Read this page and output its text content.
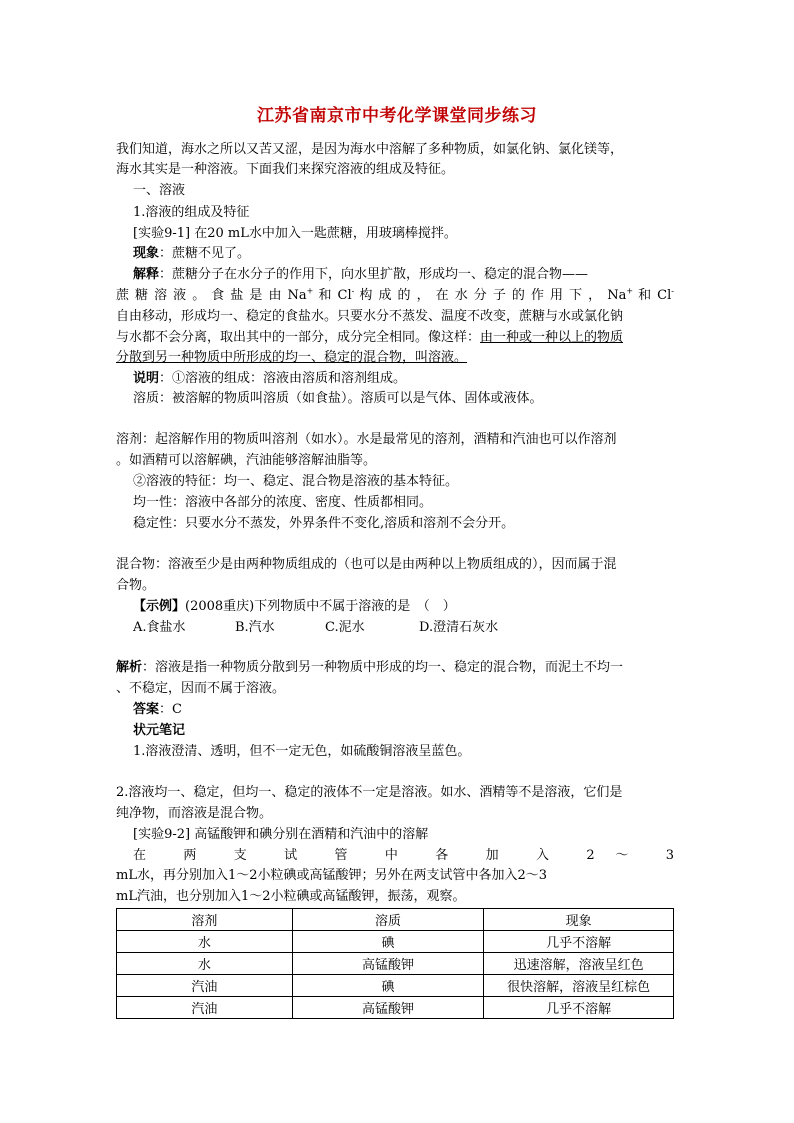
江苏省南京市中考化学课堂同步练习
我们知道，海水之所以又苦又涩，是因为海水中溶解了多种物质，如氯化钠、氯化镁等，
海水其实是一种溶液。下面我们来探究溶液的组成及特征。
一、溶液
1.溶液的组成及特征
[实验9-1] 在20 mL水中加入一匙蔗糖，用玻璃棒搅拌。
现象：蔗糖不见了。
解释：蔗糖分子在水分子的作用下，向水里扩散，形成均一、稳定的混合物——
蔗 糖 溶 液 。 食 盐 是 由 Na+ 和 Cl- 构 成 的 ， 在 水 分 子 的 作 用 下 ， Na+ 和 Cl-
自由移动，形成均一、稳定的食盐水。只要水分不蒸发、温度不改变，蔗糖与水或氯化钠
与水都不会分离，取出其中的一部分，成分完全相同。像这样：由一种或一种以上的物质
分散到另一种物质中所形成的均一、稳定的混合物，叫溶液。
说明：①溶液的组成：溶液由溶质和溶剂组成。
溶质：被溶解的物质叫溶质（如食盐）。溶质可以是气体、固体或液体。
溶剂：起溶解作用的物质叫溶剂（如水）。水是最常见的溶剂，酒精和汽油也可以作溶剂
。如酒精可以溶解碘，汽油能够溶解油脂等。
②溶液的特征：均一、稳定、混合物是溶液的基本特征。
均一性：溶液中各部分的浓度、密度、性质都相同。
稳定性：只要水分不蒸发，外界条件不变化,溶质和溶剂不会分开。
混合物：溶液至少是由两种物质组成的（也可以是由两种以上物质组成的），因而属于混
合物。
【示例】(2008重庆)下列物质中不属于溶液的是　（　）
A.食盐水	B.汽水	C.泥水	D.澄清石灰水
解析：溶液是指一种物质分散到另一种物质中形成的均一、稳定的混合物，而泥土不均一
、不稳定，因而不属于溶液。
答案：C
状元笔记
1.溶液澄清、透明，但不一定无色，如硫酸铜溶液呈蓝色。
2.溶液均一、稳定，但均一、稳定的液体不一定是溶液。如水、酒精等不是溶液，它们是
纯净物，而溶液是混合物。
[实验9-2] 高锰酸钾和碘分别在酒精和汽油中的溶解
在 两 支 试 管 中 各 加 入 2 ～ 3
mL水，再分别加入1～2小粒碘或高锰酸钾；另外在两支试管中各加入2～3
mL汽油，也分别加入1～2小粒碘或高锰酸钾，振荡，观察。
溶剂	溶质	现象
水	碘	几乎不溶解
水	高锰酸钾	迅速溶解，溶液呈红色
汽油	碘	很快溶解，溶液呈红棕色
汽油	高锰酸钾	几乎不溶解
